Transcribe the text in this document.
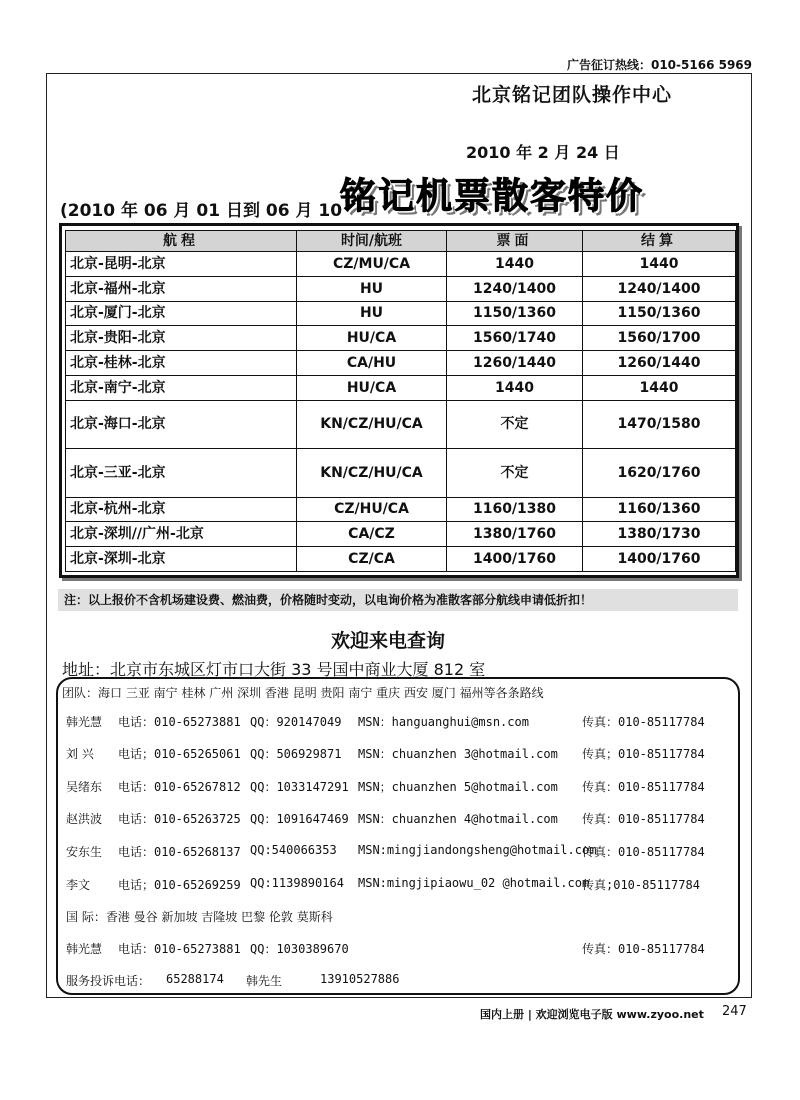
广告征订热线：010-5166 5969
北京铭记团队操作中心
2010 年 2 月 24 日
(2010 年 06 月 01 日到 06 月 10
铭记机票散客特价
航程	时间/航班	票面	结算
北京-昆明-北京	CZ/MU/CA	1440	1440
北京-福州-北京	HU	1240/1400	1240/1400
北京-厦门-北京	HU	1150/1360	1150/1360
北京-贵阳-北京	HU/CA	1560/1740	1560/1700
北京-桂林-北京	CA/HU	1260/1440	1260/1440
北京-南宁-北京	HU/CA	1440	1440
北京-海口-北京	KN/CZ/HU/CA	不定	1470/1580
北京-三亚-北京	KN/CZ/HU/CA	不定	1620/1760
北京-杭州-北京	CZ/HU/CA	1160/1380	1160/1360
北京-深圳//广州-北京	CA/CZ	1380/1760	1380/1730
北京-深圳-北京	CZ/CA	1400/1760	1400/1760
注：以上报价不含机场建设费、燃油费，价格随时变动，以电询价格为准散客部分航线申请低折扣！
欢迎来电查询
地址：北京市东城区灯市口大街 33 号国中商业大厦 812 室
团队：海口 三亚 南宁 桂林 广州 深圳 香港 昆明 贵阳 南宁 重庆 西安 厦门 福州等各条路线
韩光慧 电话：010-65273881 QQ：920147049 MSN：hanguanghui@msn.com	传真：010-85117784
刘 兴 电话；010-65265061 QQ：506929871 MSN：chuanzhen 3@hotmail.com 传真；010-85117784
吴绪东 电话：010-65267812 QQ：1033147291 MSN；chuanzhen 5@hotmail.com 传真：010-85117784
赵洪波 电话：010-65263725 QQ：1091647469 MSN：chuanzhen 4@hotmail.com 传真：010-85117784
安东生 电话：010-65268137 QQ:540066353 MSN:mingjiandongsheng@hotmail.com
传真：010-85117784
李文 电话；010-65269259 QQ:1139890164 MSN:mingjipiaowu_02 @hotmail.com
传真;010-85117784
国 际：香港 曼谷 新加坡 吉隆坡 巴黎 伦敦 莫斯科
韩光慧 电话：010-65273881 QQ：1030389670	传真：010-85117784
服务投诉电话： 65288174 韩先生	13910527886
国内上册 | 欢迎浏览电子版 www.zyoo.net 247
